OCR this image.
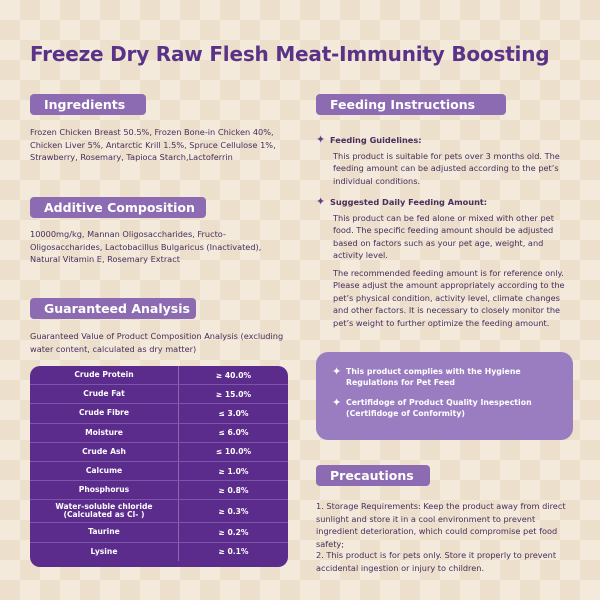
Freeze Dry Raw Flesh Meat-Immunity Boosting
Ingredients
Frozen Chicken Breast 50.5%, Frozen Bone-in Chicken 40%, Chicken Liver 5%, Antarctic Krill 1.5%, Spruce Cellulose 1%, Strawberry, Rosemary, Tapioca Starch,Lactoferrin
Additive Composition
10000mg/kg, Mannan Oligosaccharides, Fructo-Oligosaccharides, Lactobacillus Bulgaricus (Inactivated), Natural Vitamin E, Rosemary Extract
Guaranteed Analysis
Guaranteed Value of Product Composition Analysis (excluding water content, calculated as dry matter)
Crude Protein	≥ 40.0%
Crude Fat	≥ 15.0%
Crude Fibre	≤ 3.0%
Moisture	≤ 6.0%
Crude Ash	≤ 10.0%
Calcume	≥ 1.0%
Phosphorus	≥ 0.8%
Water-soluble chloride (Calculated as Cl- )	≥ 0.3%
Taurine	≥ 0.2%
Lysine	≥ 0.1%
Feeding Instructions
✦ Feeding Guidelines:
This product is suitable for pets over 3 months old. The feeding amount can be adjusted according to the pet’s individual conditions.
✦ Suggested Daily Feeding Amount:
This product can be fed alone or mixed with other pet food. The specific feeding amount should be adjusted based on factors such as your pet age, weight, and activity level.
The recommended feeding amount is for reference only. Please adjust the amount appropriately according to the pet’s physical condition, activity level, climate changes and other factors. It is necessary to closely monitor the pet’s weight to further optimize the feeding amount.
✦ This product complies with the Hygiene Regulations for Pet Feed
✦ Certifidoge of Product Quality Inespection (Certifidoge of Conformity)
Precautions
1. Storage Requirements: Keep the product away from direct sunlight and store it in a cool environment to prevent ingredient deterioration, which could compromise pet food safety;
2. This product is for pets only. Store it properly to prevent accidental ingestion or injury to children.
